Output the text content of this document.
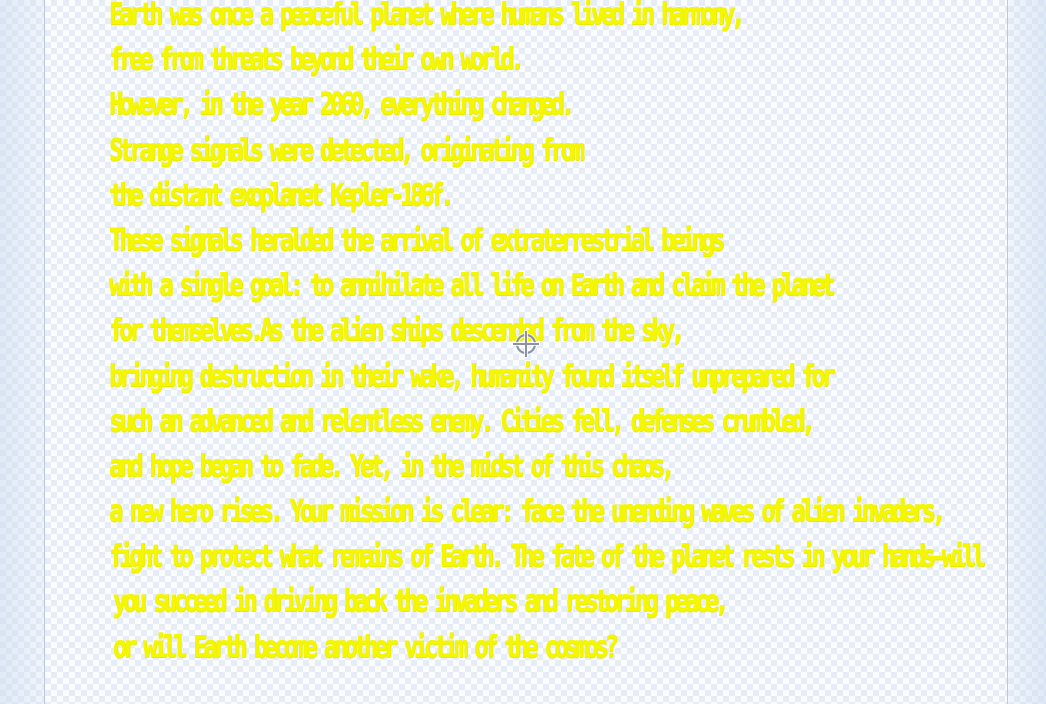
Earth was once a peaceful planet where humans lived in harmony,
free from threats beyond their own world.
However, in the year 2060, everything changed.
Strange signals were detected, originating from
the distant exoplanet Kepler-186f.
These signals heralded the arrival of extraterrestrial beings
with a single goal: to annihilate all life on Earth and claim the planet
for themselves.As the alien ships descended from the sky,
bringing destruction in their wake, humanity found itself unprepared for
such an advanced and relentless enemy. Cities fell, defenses crumbled,
and hope began to fade. Yet, in the midst of this chaos,
a new hero rises. Your mission is clear: face the unending waves of alien invaders,
fight to protect what remains of Earth. The fate of the planet rests in your hands—will
you succeed in driving back the invaders and restoring peace,
or will Earth become another victim of the cosmos?
